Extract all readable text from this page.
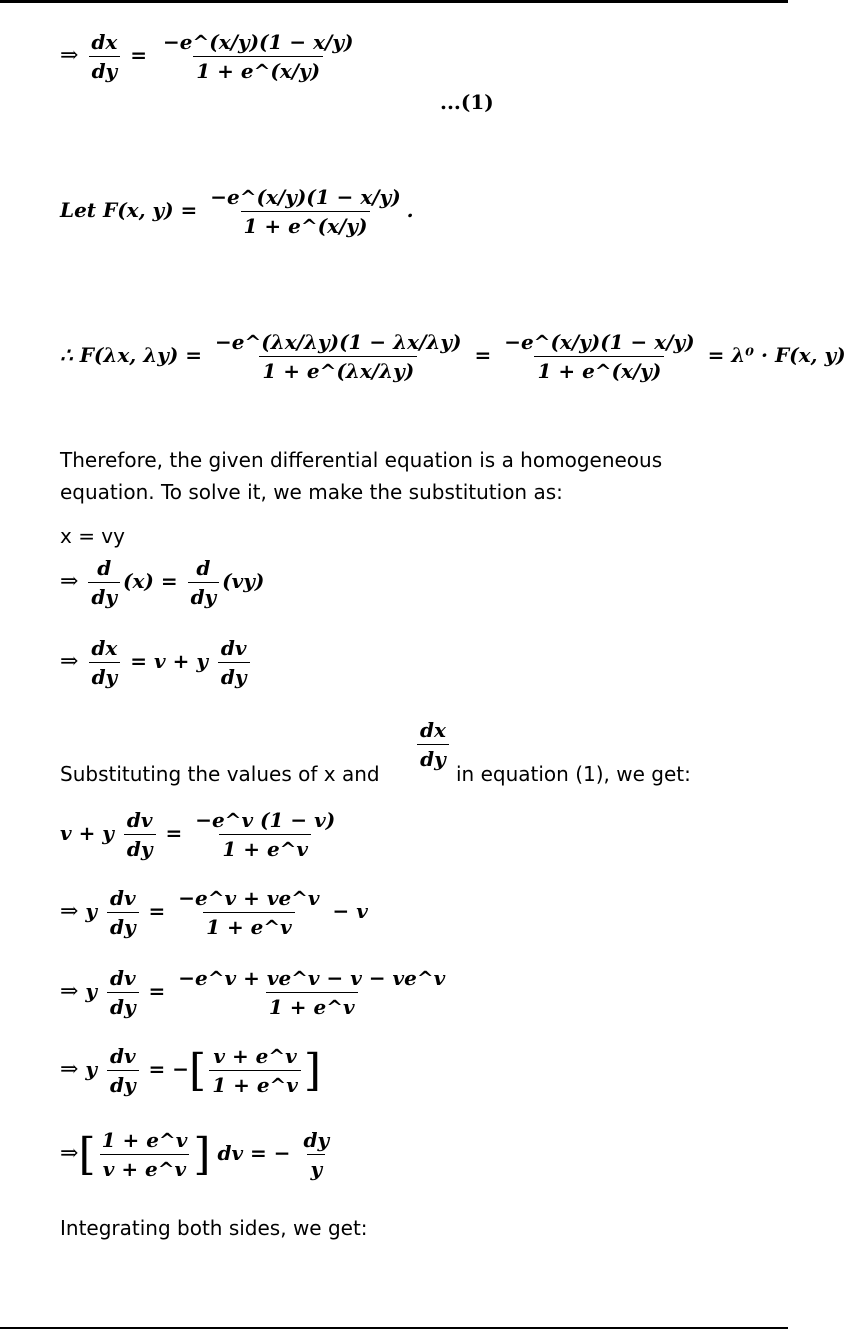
⇒ $\frac{dx}{dy} = \frac{-e\^{}(x/y)(1 - x/y)}{1 + e\^{}(x/y)}$
...(1)
Let F(x, $y) = \frac{-e\^{}(x/y)(1 - x/y)}{1 + e\^{}(x/y)}$ .
∴ F(λx, $\lambda y) = \frac{-e\^{}(\lambda x/\lambda y)(1 - \lambda x/\lambda y)}{1 + e\^{}(\lambda x/\lambda y)} = \frac{-e\^{}(x/y)(1 - x/y)}{1 + e\^{}(x/y)} = \lambda^0 \cdot F(x$, y)
Therefore, the given differential equation is a homogeneous
equation. To solve it, we make the substitution as:
x = vy
⇒ $\frac{d}{dy} (x) = \frac{d}{dy} (vy)$
⇒ $\frac{dx}{dy} = v + y \frac{dv}{dy}$
Substituting the values of x and
$\frac{dx}{dy}$
in equation (1), we get:
v + y $\frac{dv}{dy} = \frac{-e\^{}v (1 - v)}{1 + e\^{}v}$
⇒ y $\frac{dv}{dy} = \frac{-e\^{}v + ve\^{}v}{1 + e\^{}v} - v$
⇒ y $\frac{dv}{dy} = \frac{-e\^{}v + ve\^{}v - v - ve\^{}v}{1 + e\^{}v}$
⇒ y $\frac{dv}{dy}$ = −[ $\frac{v + e\^{}v}{1 + e\^{}v}$ ]
⇒[ $\frac{1 + e\^{}v}{v + e\^{}v}$ ] dv = − $\frac{dy}{y}$
Integrating both sides, we get:
